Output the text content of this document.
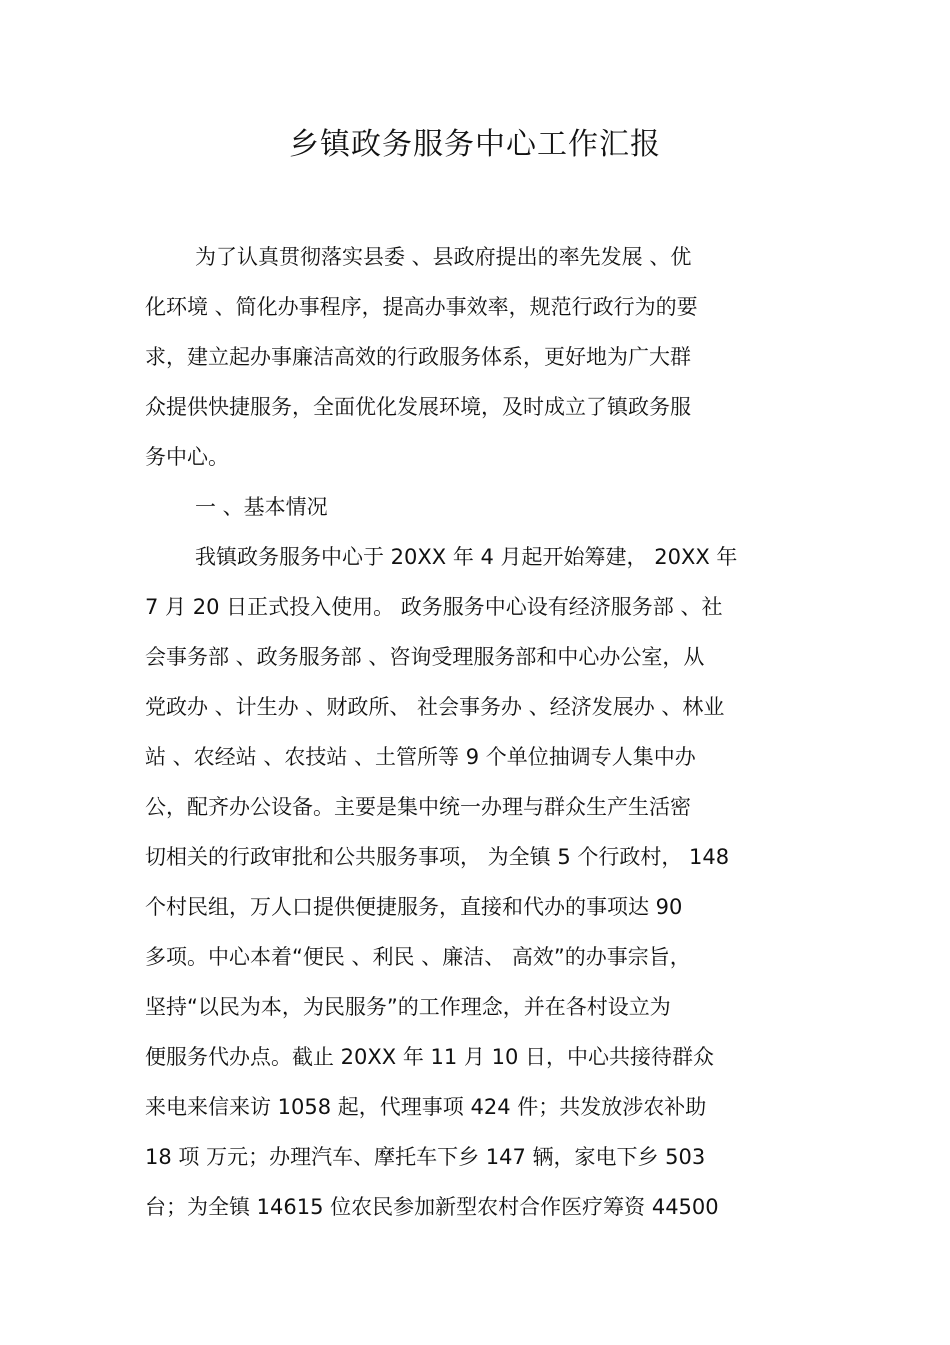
乡镇政务服务中心工作汇报
为了认真贯彻落实县委 、县政府提出的率先发展 、优
化环境 、简化办事程序，提高办事效率，规范行政行为的要
求，建立起办事廉洁高效的行政服务体系，更好地为广大群
众提供快捷服务，全面优化发展环境，及时成立了镇政务服
务中心。
一 、基本情况
我镇政务服务中心于 20XX 年 4 月起开始筹建， 20XX 年
7 月 20 日正式投入使用。 政务服务中心设有经济服务部 、社
会事务部 、政务服务部 、咨询受理服务部和中心办公室，从
党政办 、计生办 、财政所、 社会事务办 、经济发展办 、林业
站 、农经站 、农技站 、土管所等 9 个单位抽调专人集中办
公，配齐办公设备。主要是集中统一办理与群众生产生活密
切相关的行政审批和公共服务事项， 为全镇 5 个行政村， 148
个村民组，万人口提供便捷服务，直接和代办的事项达 90
多项。中心本着“便民 、利民 、廉洁、 高效”的办事宗旨，
坚持“以民为本，为民服务”的工作理念，并在各村设立为
便服务代办点。截止 20XX 年 11 月 10 日，中心共接待群众
来电来信来访 1058 起，代理事项 424 件；共发放涉农补助
18 项 万元；办理汽车、摩托车下乡 147 辆，家电下乡 503
台；为全镇 14615 位农民参加新型农村合作医疗筹资 44500
